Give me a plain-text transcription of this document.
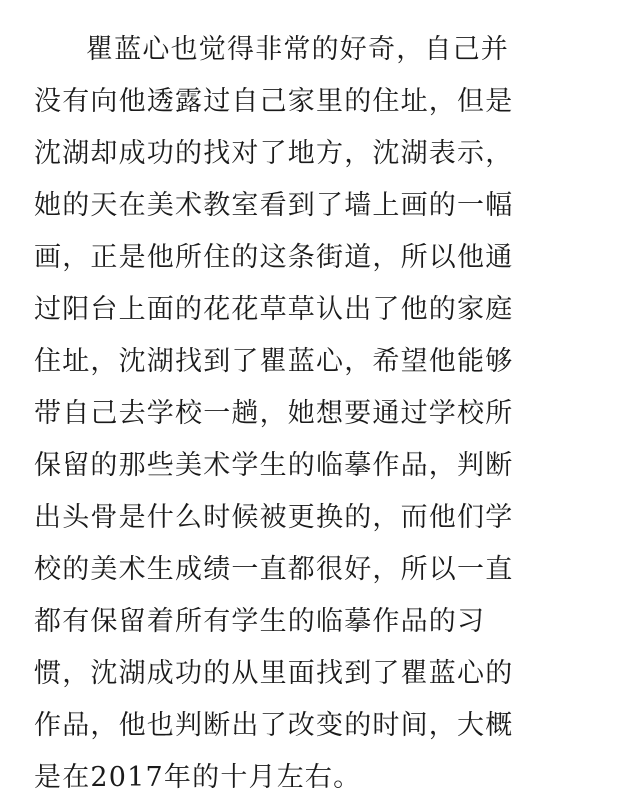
瞿蓝心也觉得非常的好奇，自己并
没有向他透露过自己家里的住址，但是
沈湖却成功的找对了地方，沈湖表示，
她的天在美术教室看到了墙上画的一幅
画，正是他所住的这条街道，所以他通
过阳台上面的花花草草认出了他的家庭
住址，沈湖找到了瞿蓝心，希望他能够
带自己去学校一趟，她想要通过学校所
保留的那些美术学生的临摹作品，判断
出头骨是什么时候被更换的，而他们学
校的美术生成绩一直都很好，所以一直
都有保留着所有学生的临摹作品的习
惯，沈湖成功的从里面找到了瞿蓝心的
作品，他也判断出了改变的时间，大概
是在2017年的十月左右。
